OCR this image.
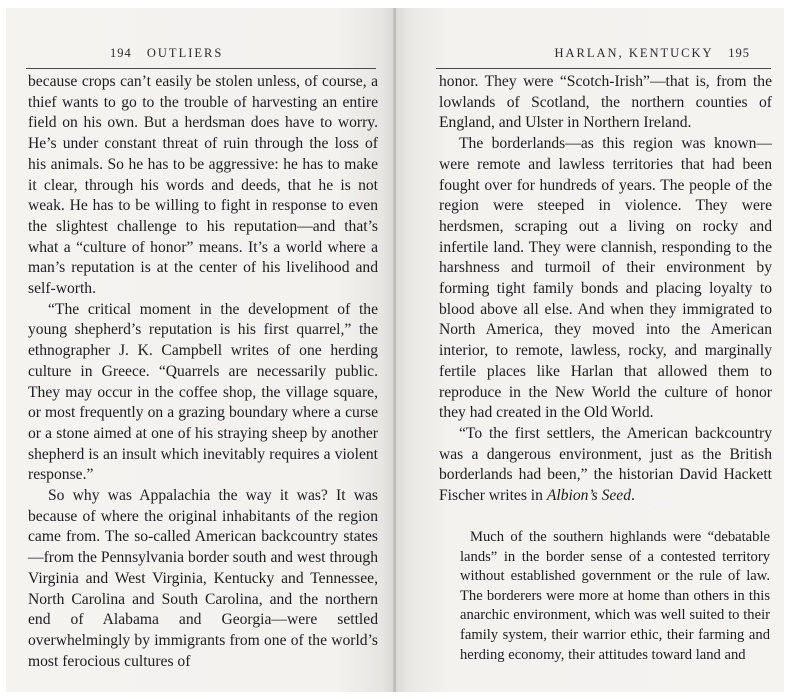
194 OUTLIERS

because crops can’t easily be stolen unless, of course, a thief wants to go to the trouble of harvesting an entire field on his own. But a herdsman does have to worry. He’s under constant threat of ruin through the loss of his animals. So he has to be aggressive: he has to make it clear, through his words and deeds, that he is not weak. He has to be willing to fight in response to even the slightest challenge to his reputation—and that’s what a “culture of honor” means. It’s a world where a man’s reputation is at the center of his livelihood and self-worth.

“The critical moment in the development of the young shepherd’s reputation is his first quarrel,” the ethnographer J. K. Campbell writes of one herding culture in Greece. “Quarrels are necessarily public. They may occur in the coffee shop, the village square, or most frequently on a grazing boundary where a curse or a stone aimed at one of his straying sheep by another shepherd is an insult which inevitably requires a violent response.”

So why was Appalachia the way it was? It was because of where the original inhabitants of the region came from. The so-called American backcountry states—from the Pennsylvania border south and west through Virginia and West Virginia, Kentucky and Tennessee, North Carolina and South Carolina, and the northern end of Alabama and Georgia—were settled overwhelmingly by immigrants from one of the world’s most ferocious cultures of

HARLAN, KENTUCKY 195

honor. They were “Scotch-Irish”—that is, from the lowlands of Scotland, the northern counties of England, and Ulster in Northern Ireland.

The borderlands—as this region was known—were remote and lawless territories that had been fought over for hundreds of years. The people of the region were steeped in violence. They were herdsmen, scraping out a living on rocky and infertile land. They were clannish, responding to the harshness and turmoil of their environment by forming tight family bonds and placing loyalty to blood above all else. And when they immigrated to North America, they moved into the American interior, to remote, lawless, rocky, and marginally fertile places like Harlan that allowed them to reproduce in the New World the culture of honor they had created in the Old World.

“To the first settlers, the American backcountry was a dangerous environment, just as the British borderlands had been,” the historian David Hackett Fischer writes in Albion’s Seed.

Much of the southern highlands were “debatable lands” in the border sense of a contested territory without established government or the rule of law. The borderers were more at home than others in this anarchic environment, which was well suited to their family system, their warrior ethic, their farming and herding economy, their attitudes toward land and
